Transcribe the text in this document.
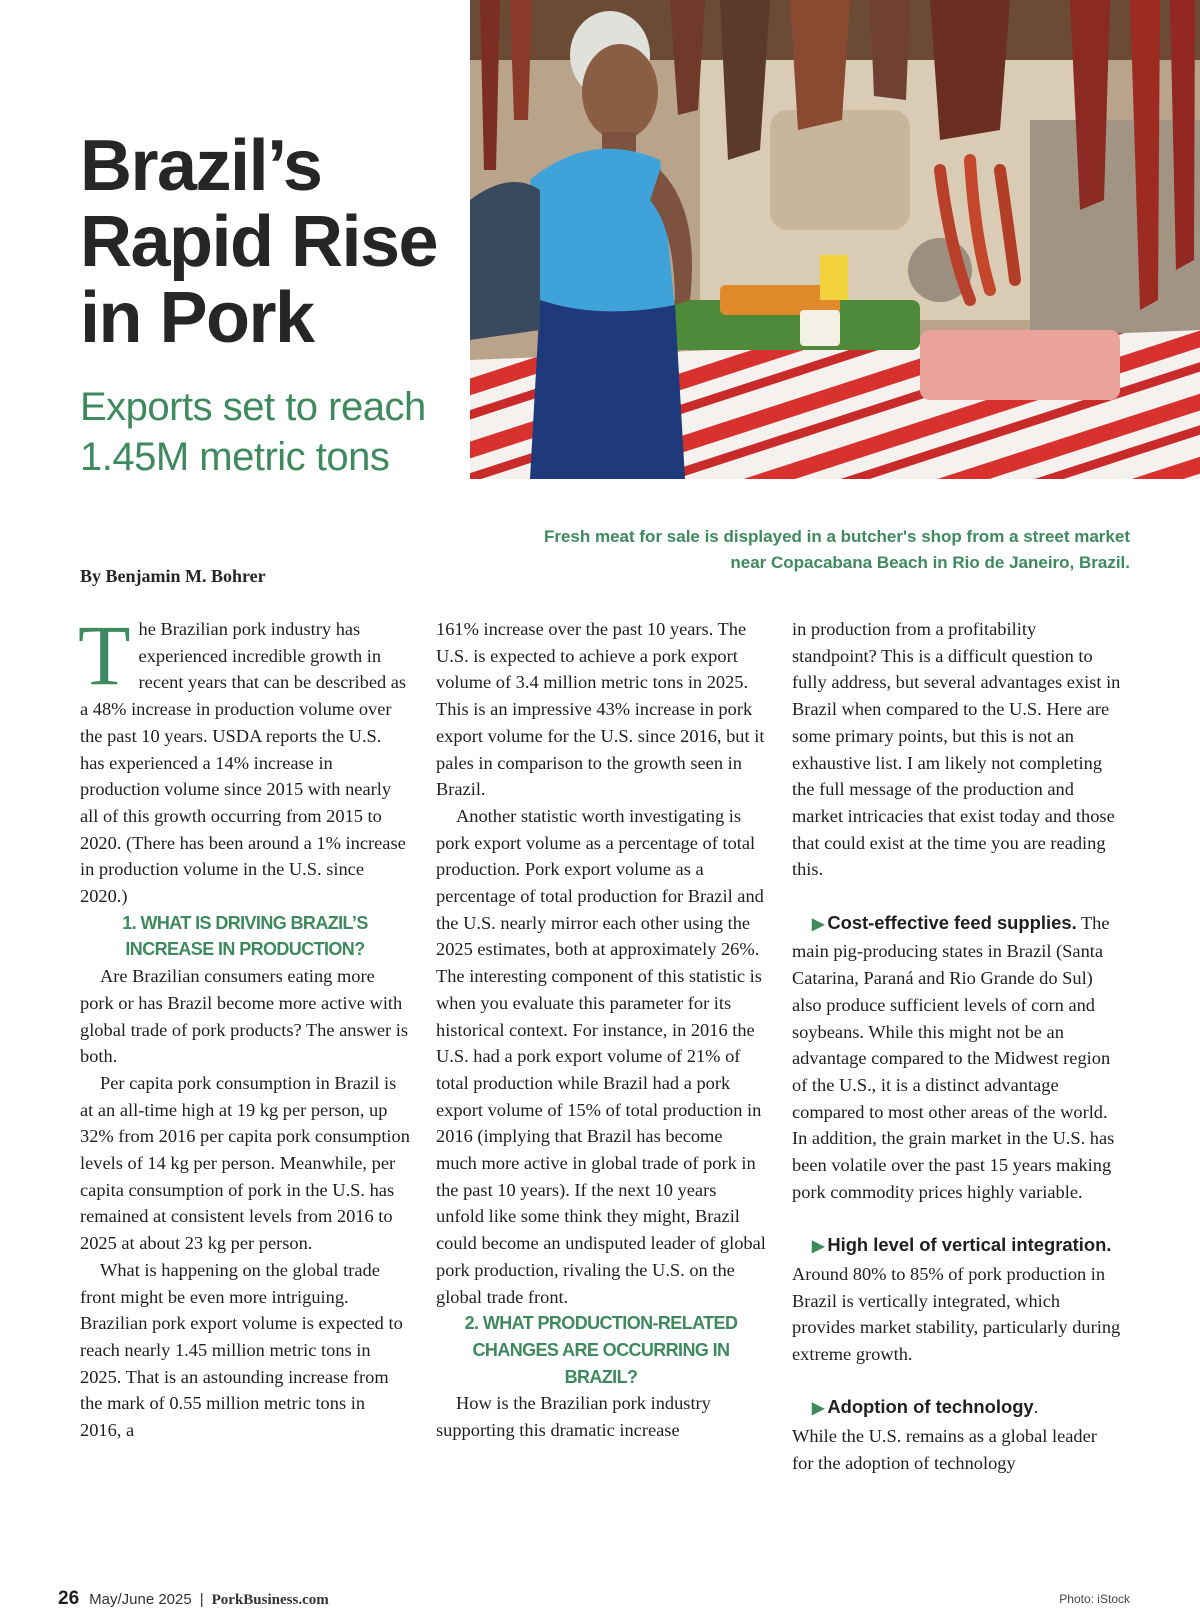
Brazil’s Rapid Rise in Pork
Exports set to reach 1.45M metric tons

Fresh meat for sale is displayed in a butcher's shop from a street market
near Copacabana Beach in Rio de Janeiro, Brazil.

By Benjamin M. Bohrer

The Brazilian pork industry has experienced incredible growth in recent years that can be described as a 48% increase in production volume over the past 10 years. USDA reports the U.S. has experienced a 14% increase in production volume since 2015 with nearly all of this growth occurring from 2015 to 2020. (There has been around a 1% increase in production volume in the U.S. since 2020.)

1. WHAT IS DRIVING BRAZIL’S INCREASE IN PRODUCTION?

Are Brazilian consumers eating more pork or has Brazil become more active with global trade of pork products? The answer is both.

Per capita pork consumption in Brazil is at an all-time high at 19 kg per person, up 32% from 2016 per capita pork consumption levels of 14 kg per person. Meanwhile, per capita consumption of pork in the U.S. has remained at consistent levels from 2016 to 2025 at about 23 kg per person.

What is happening on the global trade front might be even more intriguing. Brazilian pork export volume is expected to reach nearly 1.45 million metric tons in 2025. That is an astounding increase from the mark of 0.55 million metric tons in 2016, a

161% increase over the past 10 years. The U.S. is expected to achieve a pork export volume of 3.4 million metric tons in 2025. This is an impressive 43% increase in pork export volume for the U.S. since 2016, but it pales in comparison to the growth seen in Brazil.

Another statistic worth investigating is pork export volume as a percentage of total production. Pork export volume as a percentage of total production for Brazil and the U.S. nearly mirror each other using the 2025 estimates, both at approximately 26%. The interesting component of this statistic is when you evaluate this parameter for its historical context. For instance, in 2016 the U.S. had a pork export volume of 21% of total production while Brazil had a pork export volume of 15% of total production in 2016 (implying that Brazil has become much more active in global trade of pork in the past 10 years). If the next 10 years unfold like some think they might, Brazil could become an undisputed leader of global pork production, rivaling the U.S. on the global trade front.

2. WHAT PRODUCTION-RELATED CHANGES ARE OCCURRING IN BRAZIL?

How is the Brazilian pork industry supporting this dramatic increase

in production from a profitability standpoint? This is a difficult question to fully address, but several advantages exist in Brazil when compared to the U.S. Here are some primary points, but this is not an exhaustive list. I am likely not completing the full message of the production and market intricacies that exist today and those that could exist at the time you are reading this.

▶ Cost-effective feed supplies. The main pig-producing states in Brazil (Santa Catarina, Paraná and Rio Grande do Sul) also produce sufficient levels of corn and soybeans. While this might not be an advantage compared to the Midwest region of the U.S., it is a distinct advantage compared to most other areas of the world. In addition, the grain market in the U.S. has been volatile over the past 15 years making pork commodity prices highly variable.

▶ High level of vertical integration. Around 80% to 85% of pork production in Brazil is vertically integrated, which provides market stability, particularly during extreme growth.

▶ Adoption of technology.
While the U.S. remains as a global leader for the adoption of technology

26 May/June 2025 | PorkBusiness.com	Photo: iStock
